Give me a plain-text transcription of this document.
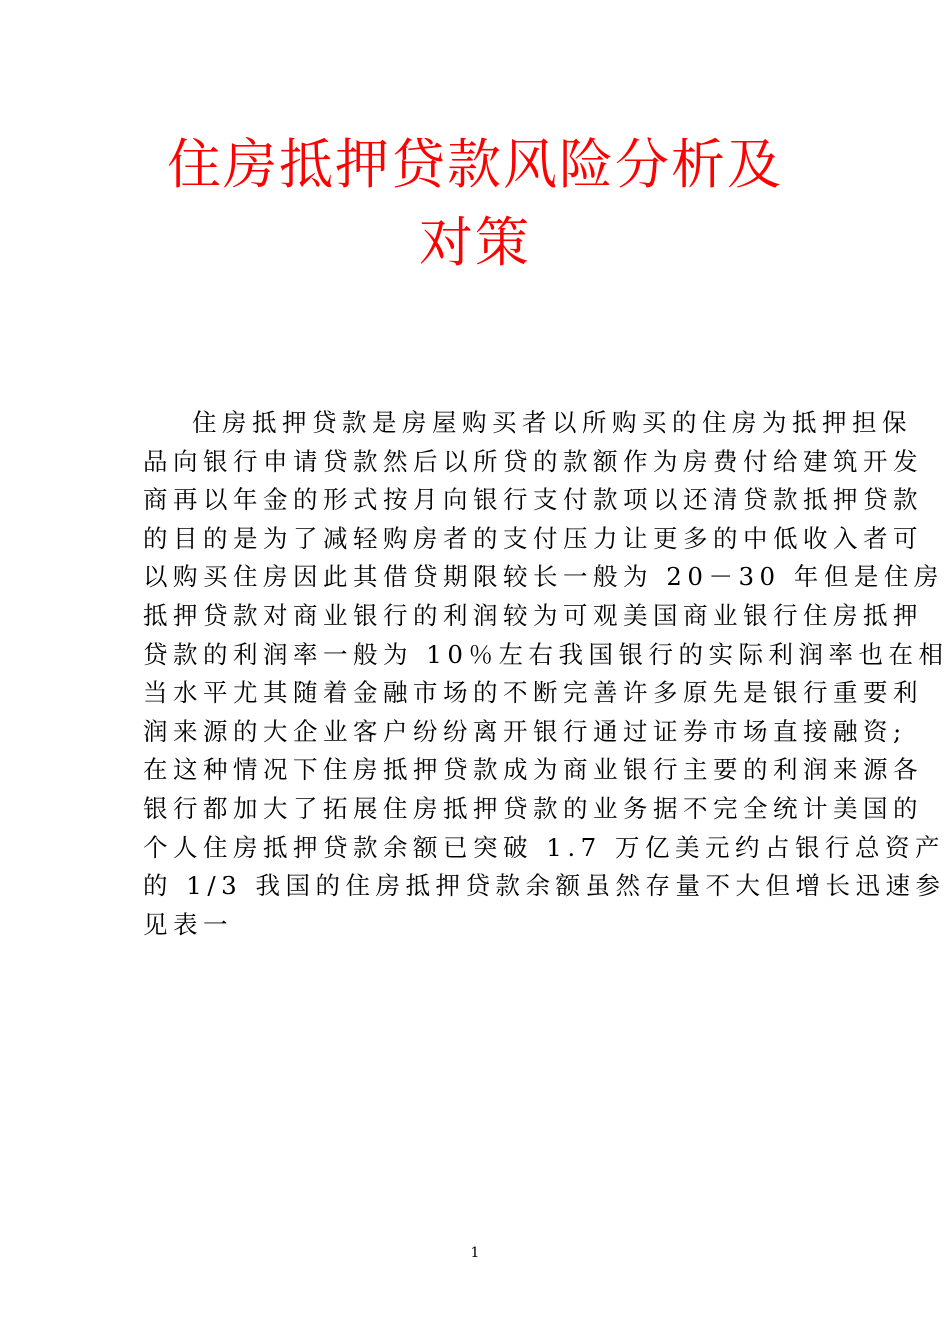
住房抵押贷款风险分析及
对策
住房抵押贷款是房屋购买者以所购买的住房为抵押担保
品向银行申请贷款然后以所贷的款额作为房费付给建筑开发
商再以年金的形式按月向银行支付款项以还清贷款抵押贷款
的目的是为了减轻购房者的支付压力让更多的中低收入者可
以购买住房因此其借贷期限较长一般为 20－30 年但是住房
抵押贷款对商业银行的利润较为可观美国商业银行住房抵押
贷款的利润率一般为 10％左右我国银行的实际利润率也在相
当水平尤其随着金融市场的不断完善许多原先是银行重要利
润来源的大企业客户纷纷离开银行通过证券市场直接融资;
在这种情况下住房抵押贷款成为商业银行主要的利润来源各
银行都加大了拓展住房抵押贷款的业务据不完全统计美国的
个人住房抵押贷款余额已突破 1.7 万亿美元约占银行总资产
的 1/3 我国的住房抵押贷款余额虽然存量不大但增长迅速参
见表一
1
